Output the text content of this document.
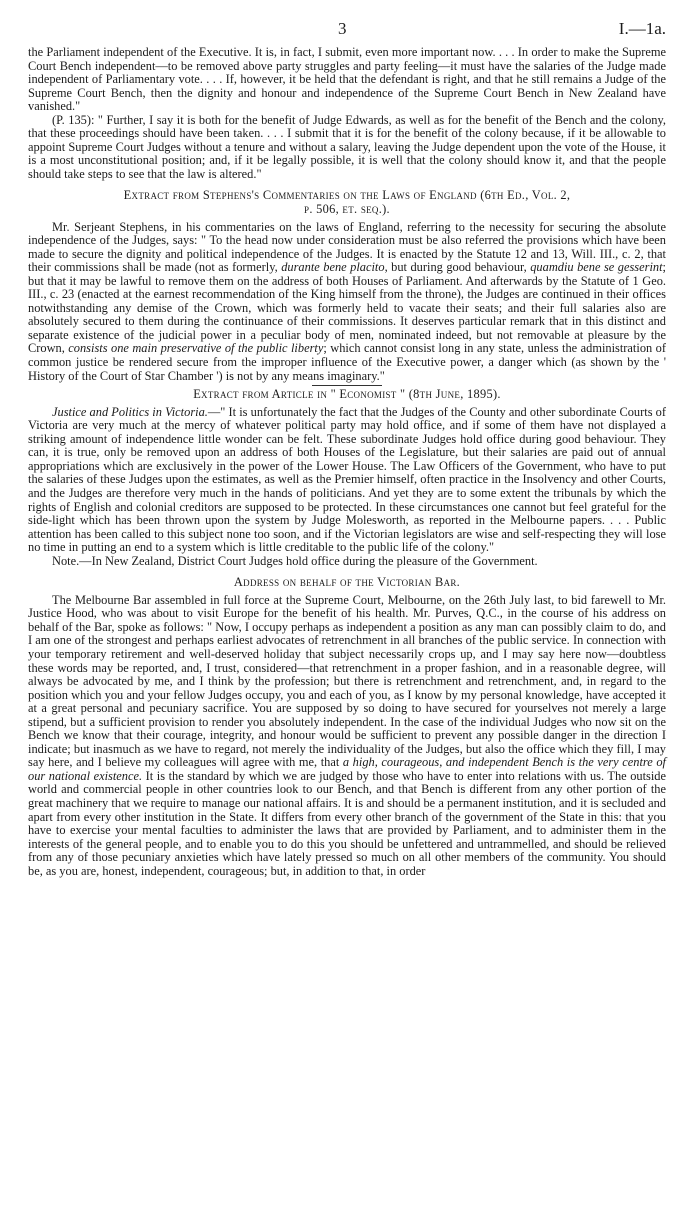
3	I.—1a.

the Parliament independent of the Executive. It is, in fact, I submit, even more important now. . . . In order to make the Supreme Court Bench independent—to be removed above party struggles and party feeling—it must have the salaries of the Judge made independent of Parliamentary vote. . . . If, however, it be held that the defendant is right, and that he still remains a Judge of the Supreme Court Bench, then the dignity and honour and independence of the Supreme Court Bench in New Zealand have vanished."

(P. 135): " Further, I say it is both for the benefit of Judge Edwards, as well as for the benefit of the Bench and the colony, that these proceedings should have been taken. . . . I submit that it is for the benefit of the colony because, if it be allowable to appoint Supreme Court Judges without a tenure and without a salary, leaving the Judge dependent upon the vote of the House, it is a most unconstitutional position; and, if it be legally possible, it is well that the colony should know it, and that the people should take steps to see that the law is altered."

Extract from Stephens's Commentaries on the Laws of England (6th Ed., Vol. 2,
p. 506, et. seq.).

Mr. Serjeant Stephens, in his commentaries on the laws of England, referring to the necessity for securing the absolute independence of the Judges, says: " To the head now under consideration must be also referred the provisions which have been made to secure the dignity and political independence of the Judges. It is enacted by the Statute 12 and 13, Will. III., c. 2, that their commissions shall be made (not as formerly, durante bene placito, but during good behaviour, quamdiu bene se gesserint; but that it may be lawful to remove them on the address of both Houses of Parliament. And afterwards by the Statute of 1 Geo. III., c. 23 (enacted at the earnest recommendation of the King himself from the throne), the Judges are continued in their offices notwithstanding any demise of the Crown, which was formerly held to vacate their seats; and their full salaries also are absolutely secured to them during the continuance of their commissions. It deserves particular remark that in this distinct and separate existence of the judicial power in a peculiar body of men, nominated indeed, but not removable at pleasure by the Crown, consists one main preservative of the public liberty; which cannot consist long in any state, unless the administration of common justice be rendered secure from the improper influence of the Executive power, a danger which (as shown by the ' History of the Court of Star Chamber ') is not by any means imaginary."

Extract from Article in " Economist " (8th June, 1895).

Justice and Politics in Victoria.—" It is unfortunately the fact that the Judges of the County and other subordinate Courts of Victoria are very much at the mercy of whatever political party may hold office, and if some of them have not displayed a striking amount of independence little wonder can be felt. These subordinate Judges hold office during good behaviour. They can, it is true, only be removed upon an address of both Houses of the Legislature, but their salaries are paid out of annual appropriations which are exclusively in the power of the Lower House. The Law Officers of the Government, who have to put the salaries of these Judges upon the estimates, as well as the Premier himself, often practice in the Insolvency and other Courts, and the Judges are therefore very much in the hands of politicians. And yet they are to some extent the tribunals by which the rights of English and colonial creditors are supposed to be protected. In these circumstances one cannot but feel grateful for the side-light which has been thrown upon the system by Judge Molesworth, as reported in the Melbourne papers. . . . Public attention has been called to this subject none too soon, and if the Victorian legislators are wise and self-respecting they will lose no time in putting an end to a system which is little creditable to the public life of the colony."

Note.—In New Zealand, District Court Judges hold office during the pleasure of the Government.

Address on behalf of the Victorian Bar.

The Melbourne Bar assembled in full force at the Supreme Court, Melbourne, on the 26th July last, to bid farewell to Mr. Justice Hood, who was about to visit Europe for the benefit of his health. Mr. Purves, Q.C., in the course of his address on behalf of the Bar, spoke as follows: " Now, I occupy perhaps as independent a position as any man can possibly claim to do, and I am one of the strongest and perhaps earliest advocates of retrenchment in all branches of the public service. In connection with your temporary retirement and well-deserved holiday that subject necessarily crops up, and I may say here now—doubtless these words may be reported, and, I trust, considered—that retrenchment in a proper fashion, and in a reasonable degree, will always be advocated by me, and I think by the profession; but there is retrenchment and retrenchment, and, in regard to the position which you and your fellow Judges occupy, you and each of you, as I know by my personal knowledge, have accepted it at a great personal and pecuniary sacrifice. You are supposed by so doing to have secured for yourselves not merely a large stipend, but a sufficient provision to render you absolutely independent. In the case of the individual Judges who now sit on the Bench we know that their courage, integrity, and honour would be sufficient to prevent any possible danger in the direction I indicate; but inasmuch as we have to regard, not merely the individuality of the Judges, but also the office which they fill, I may say here, and I believe my colleagues will agree with me, that a high, courageous, and independent Bench is the very centre of our national existence. It is the standard by which we are judged by those who have to enter into relations with us. The outside world and commercial people in other countries look to our Bench, and that Bench is different from any other portion of the great machinery that we require to manage our national affairs. It is and should be a permanent institution, and it is secluded and apart from every other institution in the State. It differs from every other branch of the government of the State in this: that you have to exercise your mental faculties to administer the laws that are provided by Parliament, and to administer them in the interests of the general people, and to enable you to do this you should be unfettered and untrammelled, and should be relieved from any of those pecuniary anxieties which have lately pressed so much on all other members of the community. You should be, as you are, honest, independent, courageous; but, in addition to that, in order
